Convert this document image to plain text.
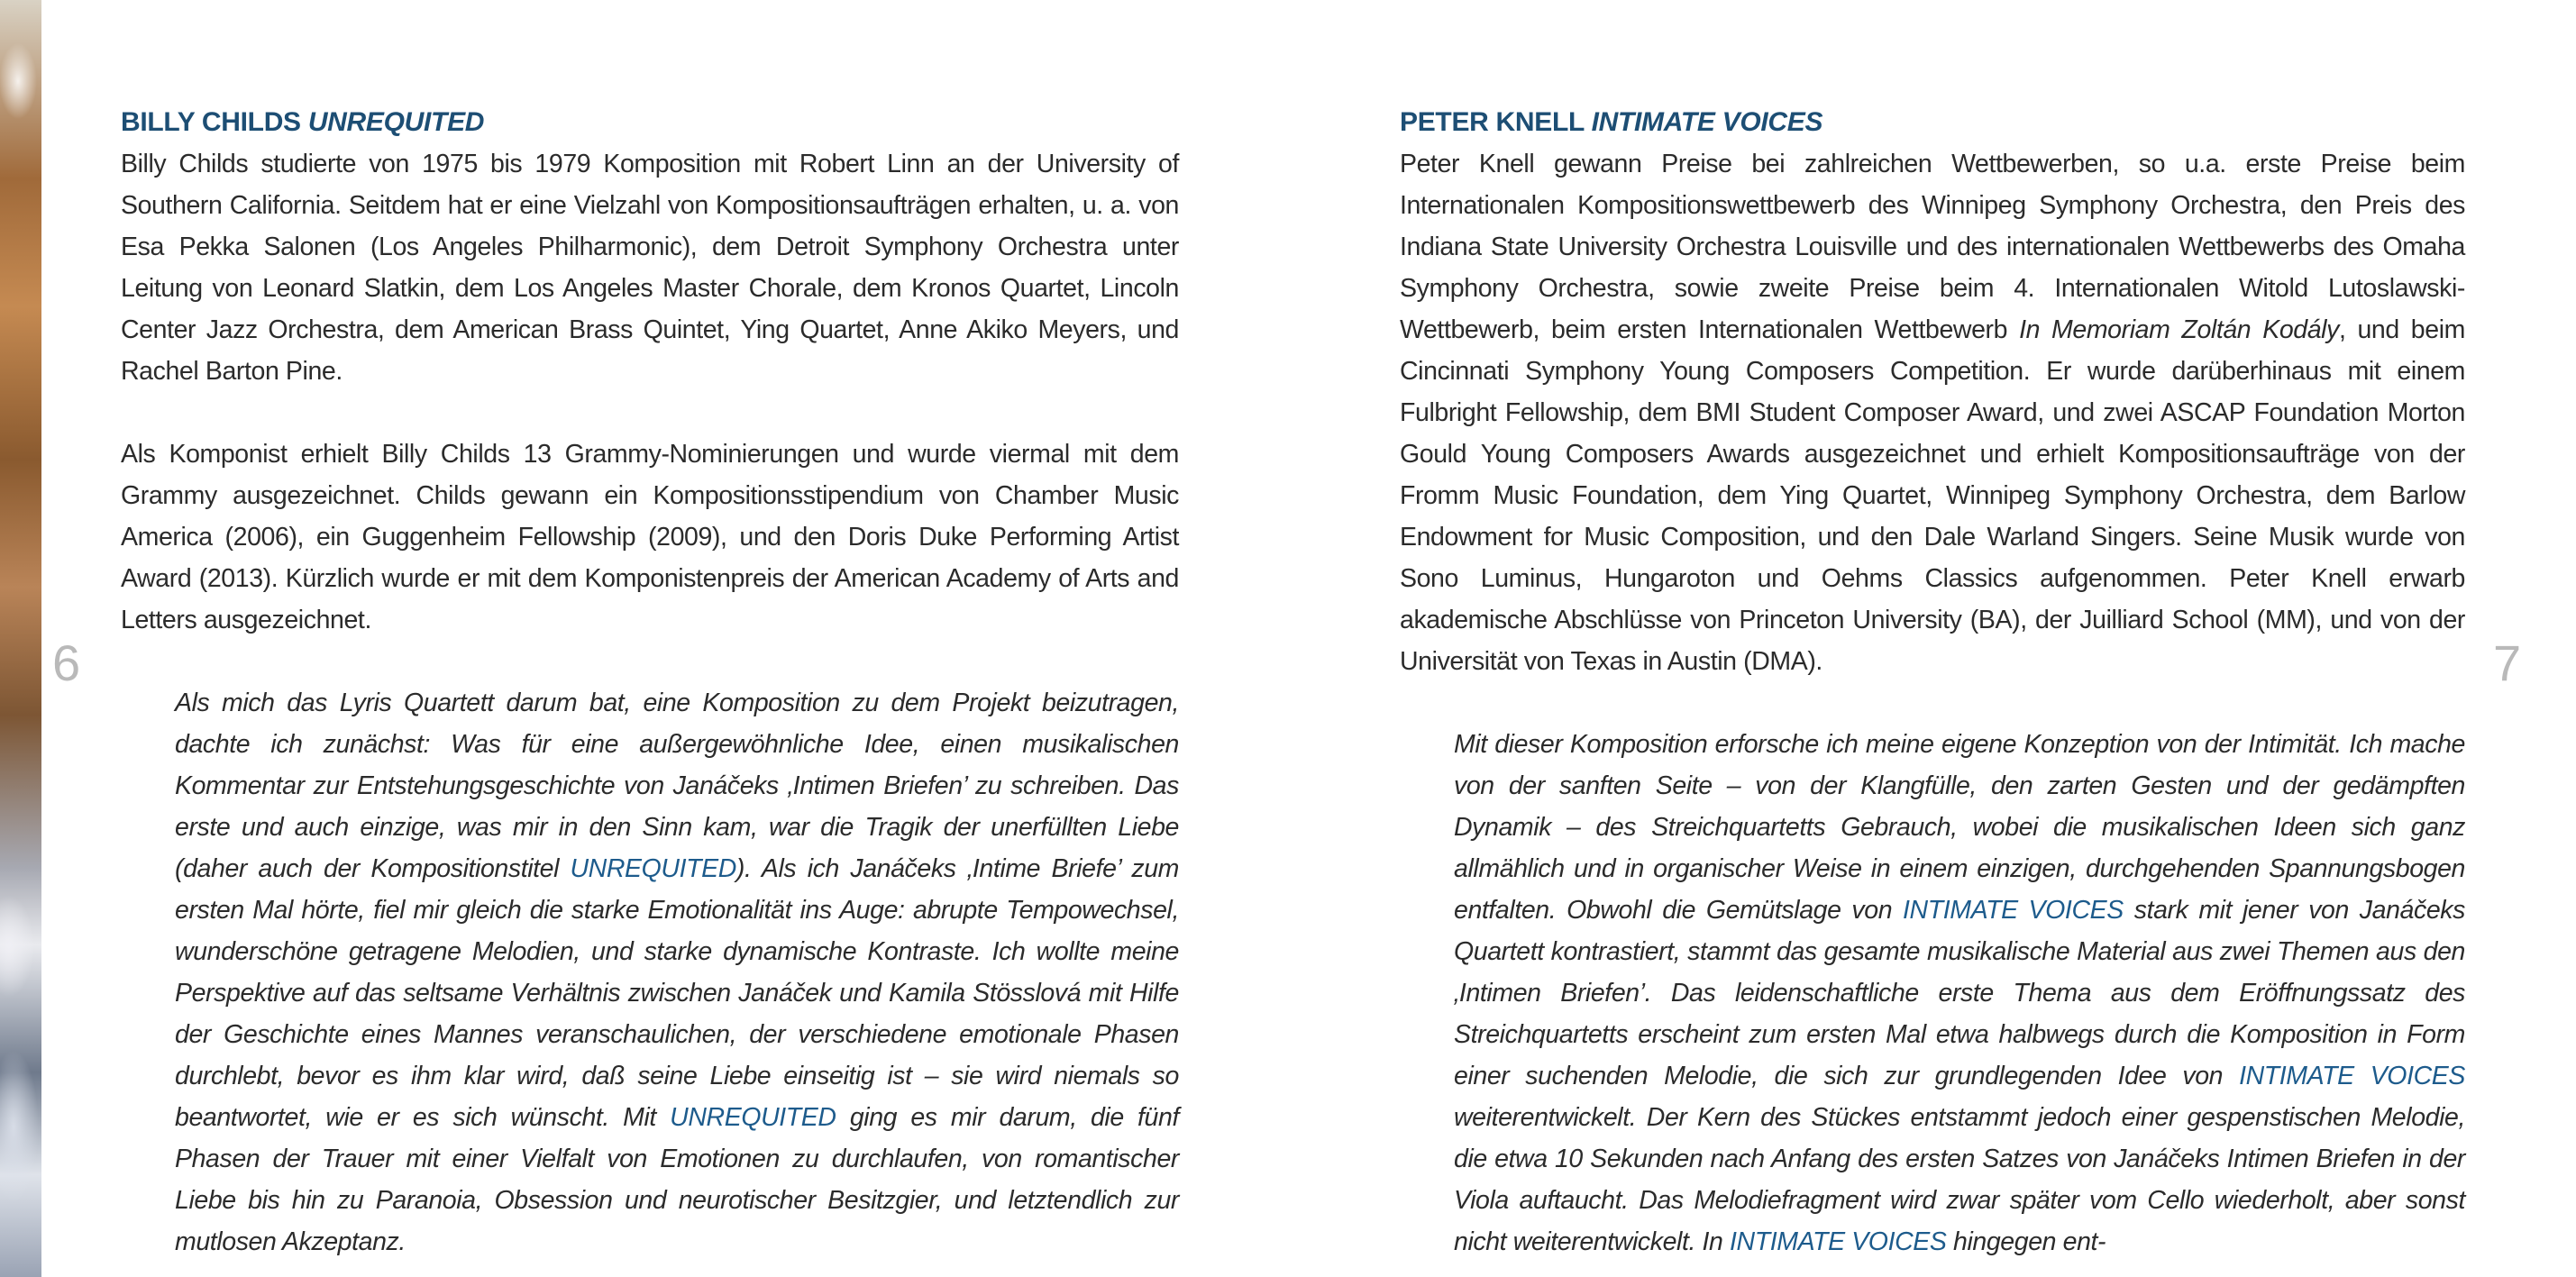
BILLY CHILDS UNREQUITED

Billy Childs studierte von 1975 bis 1979 Komposition mit Robert Linn an der University of Southern California. Seitdem hat er eine Vielzahl von Kompositionsaufträgen erhalten, u. a. von Esa Pekka Salonen (Los Angeles Philharmonic), dem Detroit Symphony Orchestra unter Leitung von Leonard Slatkin, dem Los Angeles Master Chorale, dem Kronos Quartet, Lincoln Center Jazz Orchestra, dem American Brass Quintet, Ying Quartet, Anne Akiko Meyers, und Rachel Barton Pine.

Als Komponist erhielt Billy Childs 13 Grammy-Nominierungen und wurde viermal mit dem Grammy ausgezeichnet. Childs gewann ein Kompositionsstipendium von Chamber Music America (2006), ein Guggenheim Fellowship (2009), und den Doris Duke Performing Artist Award (2013). Kürzlich wurde er mit dem Komponistenpreis der American Academy of Arts and Letters ausgezeichnet.

Als mich das Lyris Quartett darum bat, eine Komposition zu dem Projekt beizutragen, dachte ich zunächst: Was für eine außergewöhnliche Idee, einen musikalischen Kommentar zur Entstehungsgeschichte von Janáčeks ‚Intimen Briefen’ zu schreiben. Das erste und auch einzige, was mir in den Sinn kam, war die Tragik der unerfüllten Liebe (daher auch der Kompositionstitel UNREQUITED). Als ich Janáčeks ‚Intime Briefe’ zum ersten Mal hörte, fiel mir gleich die starke Emotionalität ins Auge: abrupte Tempowechsel, wunderschöne getragene Melodien, und starke dynamische Kontraste. Ich wollte meine Perspektive auf das seltsame Verhältnis zwischen Janáček und Kamila Stösslová mit Hilfe der Geschichte eines Mannes veranschaulichen, der verschiedene emotionale Phasen durchlebt, bevor es ihm klar wird, daß seine Liebe einseitig ist – sie wird niemals so beantwortet, wie er es sich wünscht. Mit UNREQUITED ging es mir darum, die fünf Phasen der Trauer mit einer Vielfalt von Emotionen zu durchlaufen, von romantischer Liebe bis hin zu Paranoia, Obsession und neurotischer Besitzgier, und letztendlich zur mutlosen Akzeptanz.

6
PETER KNELL INTIMATE VOICES

Peter Knell gewann Preise bei zahlreichen Wettbewerben, so u.a. erste Preise beim Internationalen Kompositionswettbewerb des Winnipeg Symphony Orchestra, den Preis des Indiana State University Orchestra Louisville und des internationalen Wettbewerbs des Omaha Symphony Orchestra, sowie zweite Preise beim 4. Internationalen Witold Lutoslawski-Wettbewerb, beim ersten Internationalen Wettbewerb In Memoriam Zoltán Kodály, und beim Cincinnati Symphony Young Composers Competition. Er wurde darüberhinaus mit einem Fulbright Fellowship, dem BMI Student Composer Award, und zwei ASCAP Foundation Morton Gould Young Composers Awards ausgezeichnet und erhielt Kompositionsaufträge von der Fromm Music Foundation, dem Ying Quartet, Winnipeg Symphony Orchestra, dem Barlow Endowment for Music Composition, und den Dale Warland Singers. Seine Musik wurde von Sono Luminus, Hungaroton und Oehms Classics aufgenommen. Peter Knell erwarb akademische Abschlüsse von Princeton University (BA), der Juilliard School (MM), und von der Universität von Texas in Austin (DMA).

Mit dieser Komposition erforsche ich meine eigene Konzeption von der Intimität. Ich mache von der sanften Seite – von der Klangfülle, den zarten Gesten und der gedämpften Dynamik – des Streichquartetts Gebrauch, wobei die musikalischen Ideen sich ganz allmählich und in organischer Weise in einem einzigen, durchgehenden Spannungsbogen entfalten. Obwohl die Gemütslage von INTIMATE VOICES stark mit jener von Janáčeks Quartett kontrastiert, stammt das gesamte musikalische Material aus zwei Themen aus den ‚Intimen Briefen’. Das leidenschaftliche erste Thema aus dem Eröffnungssatz des Streichquartetts erscheint zum ersten Mal etwa halbwegs durch die Komposition in Form einer suchenden Melodie, die sich zur grundlegenden Idee von INTIMATE VOICES weiterentwickelt. Der Kern des Stückes entstammt jedoch einer gespenstischen Melodie, die etwa 10 Sekunden nach Anfang des ersten Satzes von Janáčeks Intimen Briefen in der Viola auftaucht. Das Melodiefragment wird zwar später vom Cello wiederholt, aber sonst nicht weiterentwickelt. In INTIMATE VOICES hingegen ent-

7
